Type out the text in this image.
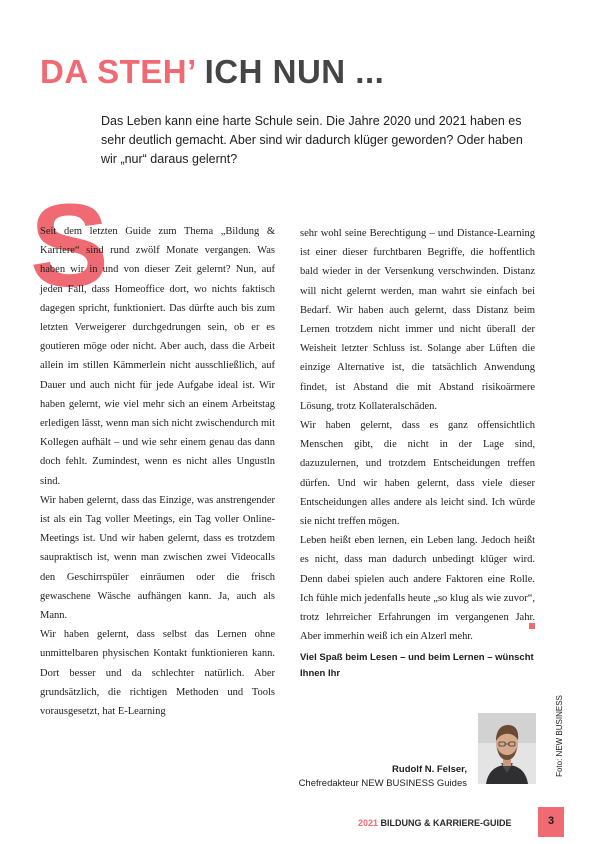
DA STEH’ ICH NUN ...

Das Leben kann eine harte Schule sein. Die Jahre 2020 und 2021 haben es sehr deutlich gemacht. Aber sind wir dadurch klüger geworden? Oder haben wir „nur“ daraus gelernt?

S

Seit dem letzten Guide zum Thema „Bildung & Karriere“ sind rund zwölf Monate vergangen. Was haben wir in und von dieser Zeit gelernt? Nun, auf jeden Fall, dass Homeoffice dort, wo nichts faktisch dagegen spricht, funktioniert. Das dürfte auch bis zum letzten Verweigerer durchgedrungen sein, ob er es goutieren möge oder nicht. Aber auch, dass die Arbeit allein im stillen Kämmerlein nicht ausschließlich, auf Dauer und auch nicht für jede Aufgabe ideal ist. Wir haben gelernt, wie viel mehr sich an einem Arbeitstag erledigen lässt, wenn man sich nicht zwischendurch mit Kollegen aufhält – und wie sehr einem genau das dann doch fehlt. Zumindest, wenn es nicht alles Ungustln sind.

Wir haben gelernt, dass das Einzige, was anstrengender ist als ein Tag voller Meetings, ein Tag voller Online-Meetings ist. Und wir haben gelernt, dass es trotzdem saupraktisch ist, wenn man zwischen zwei Videocalls den Geschirrspüler einräumen oder die frisch gewaschene Wäsche aufhängen kann. Ja, auch als Mann.

Wir haben gelernt, dass selbst das Lernen ohne unmittelbaren physischen Kontakt funktionieren kann. Dort besser und da schlechter natürlich. Aber grundsätzlich, die richtigen Methoden und Tools vorausgesetzt, hat E-Learning

sehr wohl seine Berechtigung – und Distance-Learning ist einer dieser furchtbaren Begriffe, die hoffentlich bald wieder in der Versenkung verschwinden. Distanz will nicht gelernt werden, man wahrt sie einfach bei Bedarf. Wir haben auch gelernt, dass Distanz beim Lernen trotzdem nicht immer und nicht überall der Weisheit letzter Schluss ist. Solange aber Lüften die einzige Alternative ist, die tatsächlich Anwendung findet, ist Abstand die mit Abstand risikoärmere Lösung, trotz Kollateralschäden.

Wir haben gelernt, dass es ganz offensichtlich Menschen gibt, die nicht in der Lage sind, dazuzulernen, und trotzdem Entscheidungen treffen dürfen. Und wir haben gelernt, dass viele dieser Entscheidungen alles andere als leicht sind. Ich würde sie nicht treffen mögen.

Leben heißt eben lernen, ein Leben lang. Jedoch heißt es nicht, dass man dadurch unbedingt klüger wird. Denn dabei spielen auch andere Faktoren eine Rolle. Ich fühle mich jedenfalls heute „so klug als wie zuvor“, trotz lehrreicher Erfahrungen im vergangenen Jahr. Aber immerhin weiß ich ein Alzerl mehr.

Viel Spaß beim Lesen – und beim Lernen – wünscht Ihnen Ihr
Rudolf N. Felser,
Chefredakteur NEW BUSINESS Guides
Foto: NEW BUSINESS
2021 BILDUNG & KARRIERE-GUIDE	3
